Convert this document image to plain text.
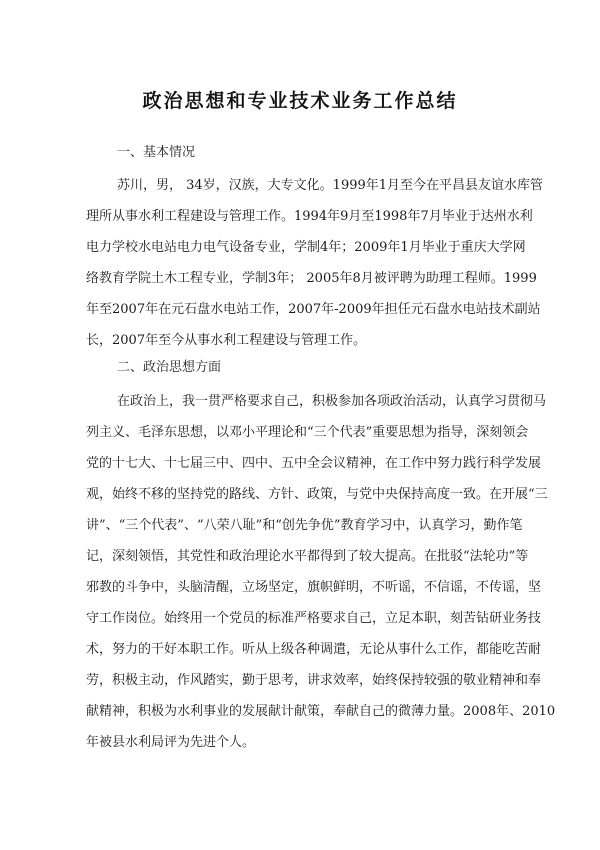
政治思想和专业技术业务工作总结
一、基本情况
苏川，男， 34岁，汉族，大专文化。1999年1月至今在平昌县友谊水库管
理所从事水利工程建设与管理工作。1994年9月至1998年7月毕业于达州水利
电力学校水电站电力电气设备专业，学制4年；2009年1月毕业于重庆大学网
络教育学院土木工程专业，学制3年； 2005年8月被评聘为助理工程师。1999
年至2007年在元石盘水电站工作，2007年-2009年担任元石盘水电站技术副站
长，2007年至今从事水利工程建设与管理工作。
二、政治思想方面
在政治上，我一贯严格要求自己，积极参加各项政治活动，认真学习贯彻马
列主义、毛泽东思想，以邓小平理论和“三个代表”重要思想为指导，深刻领会
党的十七大、十七届三中、四中、五中全会议精神，在工作中努力践行科学发展
观，始终不移的坚持党的路线、方针、政策，与党中央保持高度一致。在开展“三
讲”、“三个代表”、“八荣八耻”和“创先争优”教育学习中，认真学习，勤作笔
记，深刻领悟，其党性和政治理论水平都得到了较大提高。在批驳“法轮功”等
邪教的斗争中，头脑清醒，立场坚定，旗帜鲜明，不听谣，不信谣，不传谣，坚
守工作岗位。始终用一个党员的标准严格要求自己，立足本职，刻苦钻研业务技
术，努力的干好本职工作。听从上级各种调遣，无论从事什么工作，都能吃苦耐
劳，积极主动，作风踏实，勤于思考，讲求效率，始终保持较强的敬业精神和奉
献精神，积极为水利事业的发展献计献策，奉献自己的微薄力量。2008年、2010
年被县水利局评为先进个人。
